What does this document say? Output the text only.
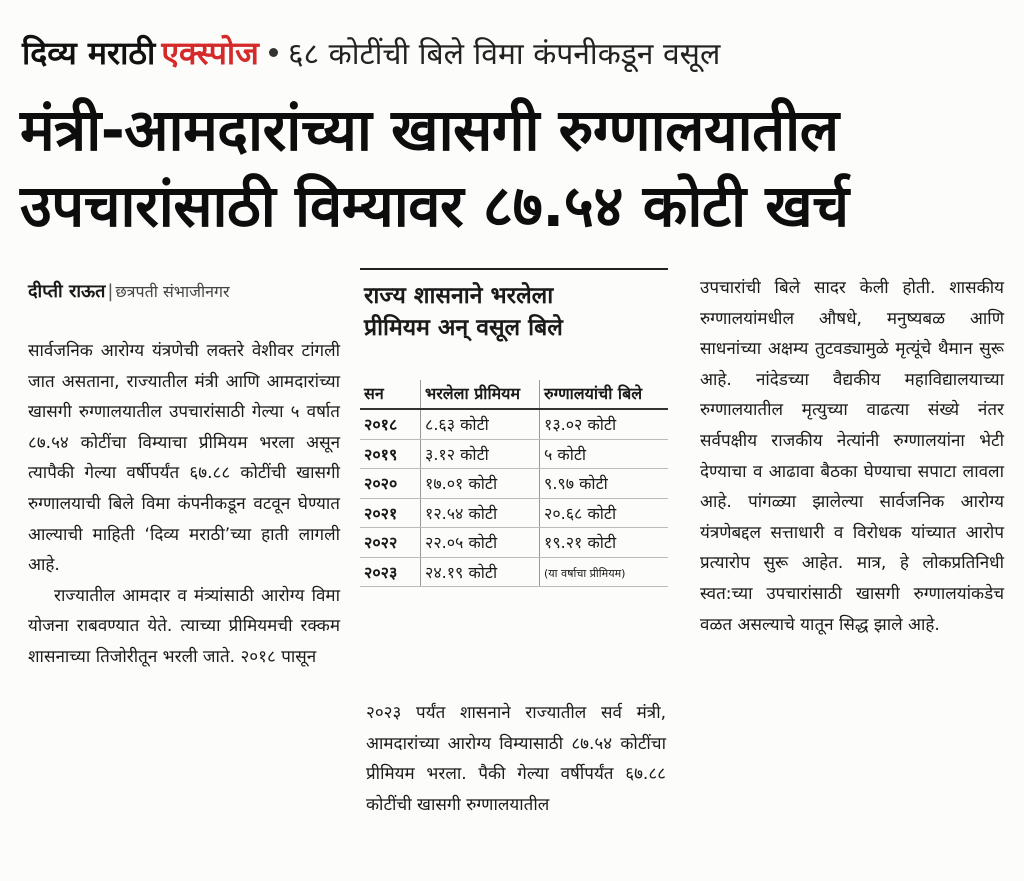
दिव्य मराठी एक्स्पोज ६८ कोटींची बिले विमा कंपनीकडून वसूल
मंत्री-आमदारांच्या खासगी रुग्णालयातील
उपचारांसाठी विम्यावर ८७.५४ कोटी खर्च
दीप्ती राऊत | छत्रपती संभाजीनगर

सार्वजनिक आरोग्य यंत्रणेची लक्तरे वेशीवर टांगली जात असताना, राज्यातील मंत्री आणि आमदारांच्या खासगी रुग्णालयातील उपचारांसाठी गेल्या ५ वर्षात ८७.५४ कोटींचा विम्याचा प्रीमियम भरला असून त्यापैकी गेल्या वर्षीपर्यंत ६७.८८ कोटींची खासगी रुग्णालयाची बिले विमा कंपनीकडून वटवून घेण्यात आल्याची माहिती ‘दिव्य मराठी’च्या हाती लागली आहे.

राज्यातील आमदार व मंत्र्यांसाठी आरोग्य विमा योजना राबवण्यात येते. त्याच्या प्रीमियमची रक्कम शासनाच्या तिजोरीतून भरली जाते. २०१८ पासून

राज्य शासनाने भरलेला
प्रीमियम अन् वसूल बिले
सन	भरलेला प्रीमियम	रुग्णालयांची बिले
२०१८	८.६३ कोटी	१३.०२ कोटी
२०१९	३.१२ कोटी	५ कोटी
२०२०	१७.०१ कोटी	९.९७ कोटी
२०२१	१२.५४ कोटी	२०.६८ कोटी
२०२२	२२.०५ कोटी	१९.२१ कोटी
२०२३	२४.१९ कोटी	(या वर्षाचा प्रीमियम)

२०२३ पर्यंत शासनाने राज्यातील सर्व मंत्री, आमदारांच्या आरोग्य विम्यासाठी ८७.५४ कोटींचा प्रीमियम भरला. पैकी गेल्या वर्षीपर्यंत ६७.८८ कोटींची खासगी रुग्णालयातील

उपचारांची बिले सादर केली होती. शासकीय रुग्णालयांमधील औषधे, मनुष्यबळ आणि साधनांच्या अक्षम्य तुटवड्यामुळे मृत्यूंचे थैमान सुरू आहे. नांदेडच्या वैद्यकीय महाविद्यालयाच्या रुग्णालयातील मृत्युच्या वाढत्या संख्ये नंतर सर्वपक्षीय राजकीय नेत्यांनी रुग्णालयांना भेटी देण्याचा व आढावा बैठका घेण्याचा सपाटा लावला आहे. पांगळ्या झालेल्या सार्वजनिक आरोग्य यंत्रणेबद्दल सत्ताधारी व विरोधक यांच्यात आरोप प्रत्यारोप सुरू आहेत. मात्र, हे लोकप्रतिनिधी स्वत:च्या उपचारांसाठी खासगी रुग्णालयांकडेच वळत असल्याचे यातून सिद्ध झाले आहे.
